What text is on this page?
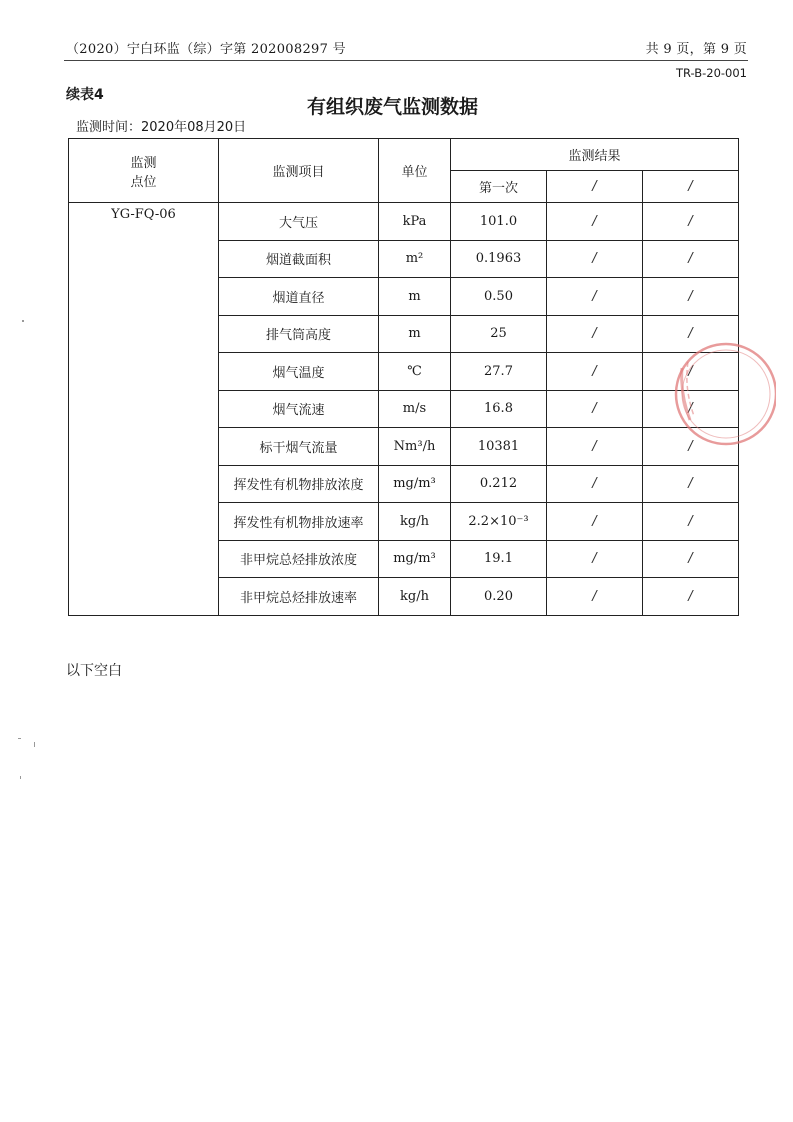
（2020）宁白环监（综）字第 202008297 号	共 9 页，第 9 页
TR-B-20-001
续表4
有组织废气监测数据
监测时间：2020年08月20日
监测
点位	监测项目	单位	监测结果		
			第一次	/	/
YG-FQ-06	大气压	kPa	101.0	/	/
	烟道截面积	m²	0.1963	/	/
	烟道直径	m	0.50	/	/
	排气筒高度	m	25	/	/
	烟气温度	℃	27.7	/	/
	烟气流速	m/s	16.8	/	/
	标干烟气流量	Nm³/h	10381	/	/
	挥发性有机物排放浓度	mg/m³	0.212	/	/
	挥发性有机物排放速率	kg/h	2.2×10⁻³	/	/
	非甲烷总烃排放浓度	mg/m³	19.1	/	/
	非甲烷总烃排放速率	kg/h	0.20	/	/
以下空白
